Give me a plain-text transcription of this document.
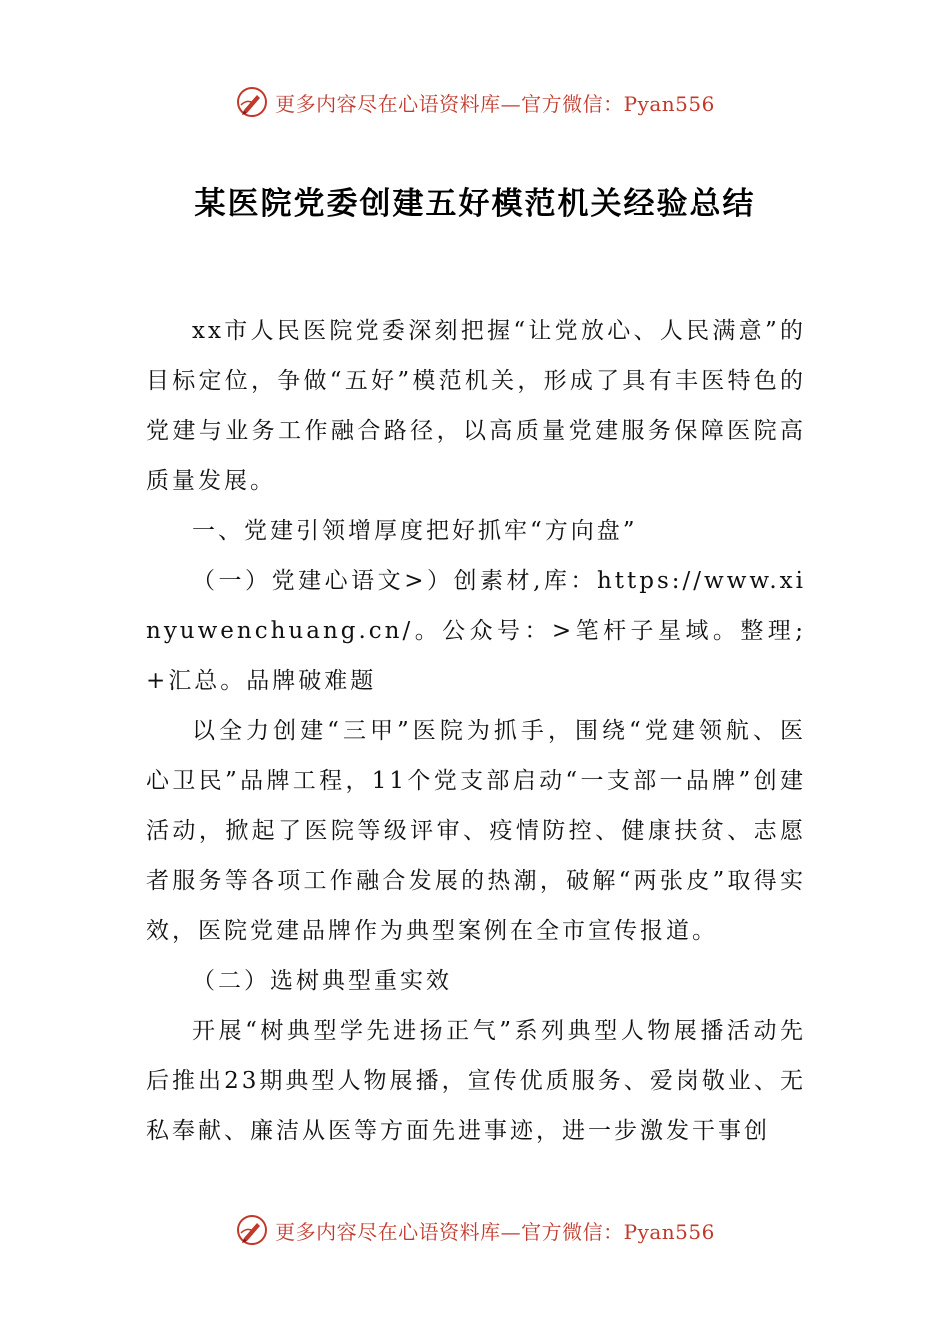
更多内容尽在心语资料库—官方微信：Pyan556
某医院党委创建五好模范机关经验总结

xx市人民医院党委深刻把握“让党放心、人民满意”的目标定位，争做“五好”模范机关，形成了具有丰医特色的党建与业务工作融合路径，以高质量党建服务保障医院高质量发展。

一、党建引领增厚度把好抓牢“方向盘”

（一）党建心语文>）创素材,库：https://www.xinyuwenchuang.cn/。公众号：>笔杆子星域。整理;+汇总。品牌破难题

以全力创建“三甲”医院为抓手，围绕“党建领航、医心卫民”品牌工程，11个党支部启动“一支部一品牌”创建活动，掀起了医院等级评审、疫情防控、健康扶贫、志愿者服务等各项工作融合发展的热潮，破解“两张皮”取得实效，医院党建品牌作为典型案例在全市宣传报道。

（二）选树典型重实效

开展“树典型学先进扬正气”系列典型人物展播活动先后推出23期典型人物展播，宣传优质服务、爱岗敬业、无私奉献、廉洁从医等方面先进事迹，进一步激发干事创

更多内容尽在心语资料库—官方微信：Pyan556
